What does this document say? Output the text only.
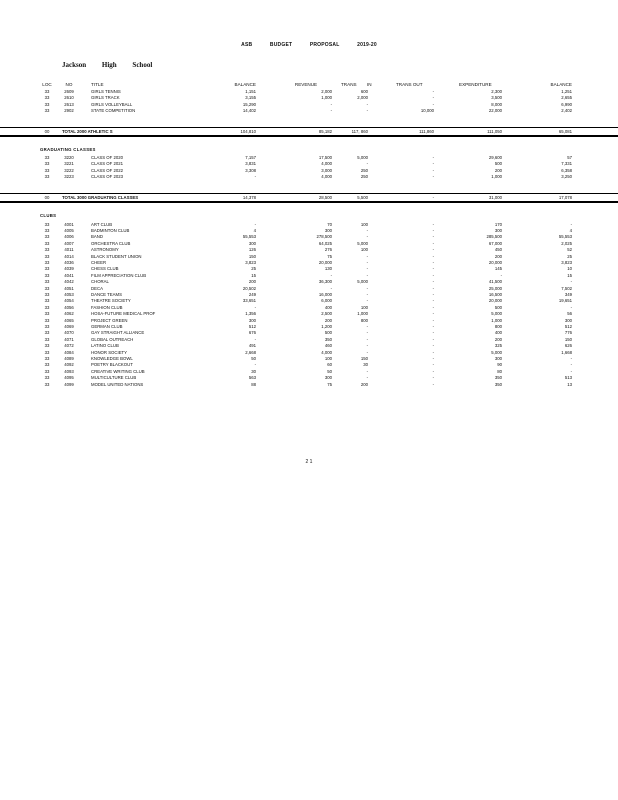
ASB	BUDGET	PROPOSAL	2019-20
Jackson High School
LOC	NO	TITLE	BALANCE	REVENUE	TRANS IN	TRANS OUT	EXPENDITURE	BALANCE
33	2609	GIRLS TENNIS	1,151	2,000	600	-	2,300	1,251
33	2610	GIRLS TRACK	3,155	1,000	2,000	-	3,500	2,655
33	2613	GIRLS VOLLEYBALL	15,290	-	-	-	8,000	6,990
33	2902	STATE COMPETITION	14,402	-	-	10,000	22,000	2,402
00	TOTAL 2000 ATHLETIC S	104,810	85,182	117, 860	111,860	111,050	65,081
GRADUATING CLASSES
33	3220	CLASS OF 2020	7,157	17,500	5,000	-	29,600	57
33	3221	CLASS OF 2021	3,831	4,000	-	-	500	7,331
33	3222	CLASS OF 2022	3,308	3,000	250	-	200	6,358
33	3223	CLASS OF 2023	-	4,000	250	-	1,000	3,250
00	TOTAL 3000 GRADUATING CLASSES	14,378	28,500	5,500	-	31,000	17,078
CLUBS
33	4001	ART CLUB	-	70	100	-	170	-
33	4005	BADMINTON CLUB	4	300	-	-	300	4
33	4006	BAND	55,553	278,500	-	-	285,500	55,553
33	4007	ORCHESTRA CLUB	300	64,025	5,000	-	67,000	2,025
33	4011	ASTRONOMY	126	276	100	-	450	52
33	4014	BLACK STUDENT UNION	150	75	-	-	200	25
33	4036	CHEER	3,823	20,000	-	-	20,000	3,823
33	4039	CHESS CLUB	25	130	-	-	145	10
33	4041	FILM APPRECIATION CLUB	15	-	-	-	-	15
33	4042	CHORAL	200	36,300	5,000	-	41,500	-
33	4051	DECA	20,502	-	-	-	25,000	7,502
33	4053	DANCE TEAMS	249	16,000	-	-	16,500	349
33	4054	THEATRE SOCIETY	33,651	6,000	-	-	20,000	19,651
33	4056	FASHION CLUB	-	400	100	-	500	-
33	4062	HOSA-FUTURE MEDICAL PROF	1,356	2,500	1,000	-	5,000	56
33	4065	PROJECT GREEN	300	200	800	-	1,000	300
33	4069	GERMAN CLUB	512	1,200	-	-	800	512
33	4070	GAY STRAIGHT ALLIANCE	676	500	-	-	400	776
33	4071	GLOBAL OUTREACH	-	350	-	-	200	150
33	4072	LATINO CLUB	491	460	-	-	325	626
33	4084	HONOR SOCIETY	2,668	4,000	-	-	5,000	1,668
33	4089	KNOWLEDGE BOWL	50	100	150	-	300	-
33	4092	POETRY BLACKOUT	-	60	30	-	90	-
33	4093	CREATIVE WRITING CLUB	30	50	-	-	80	-
33	4095	MULTICULTURE CLUB	563	300	-	-	350	513
33	4099	MODEL UNITED NATIONS	88	75	200	-	350	13
2 1
